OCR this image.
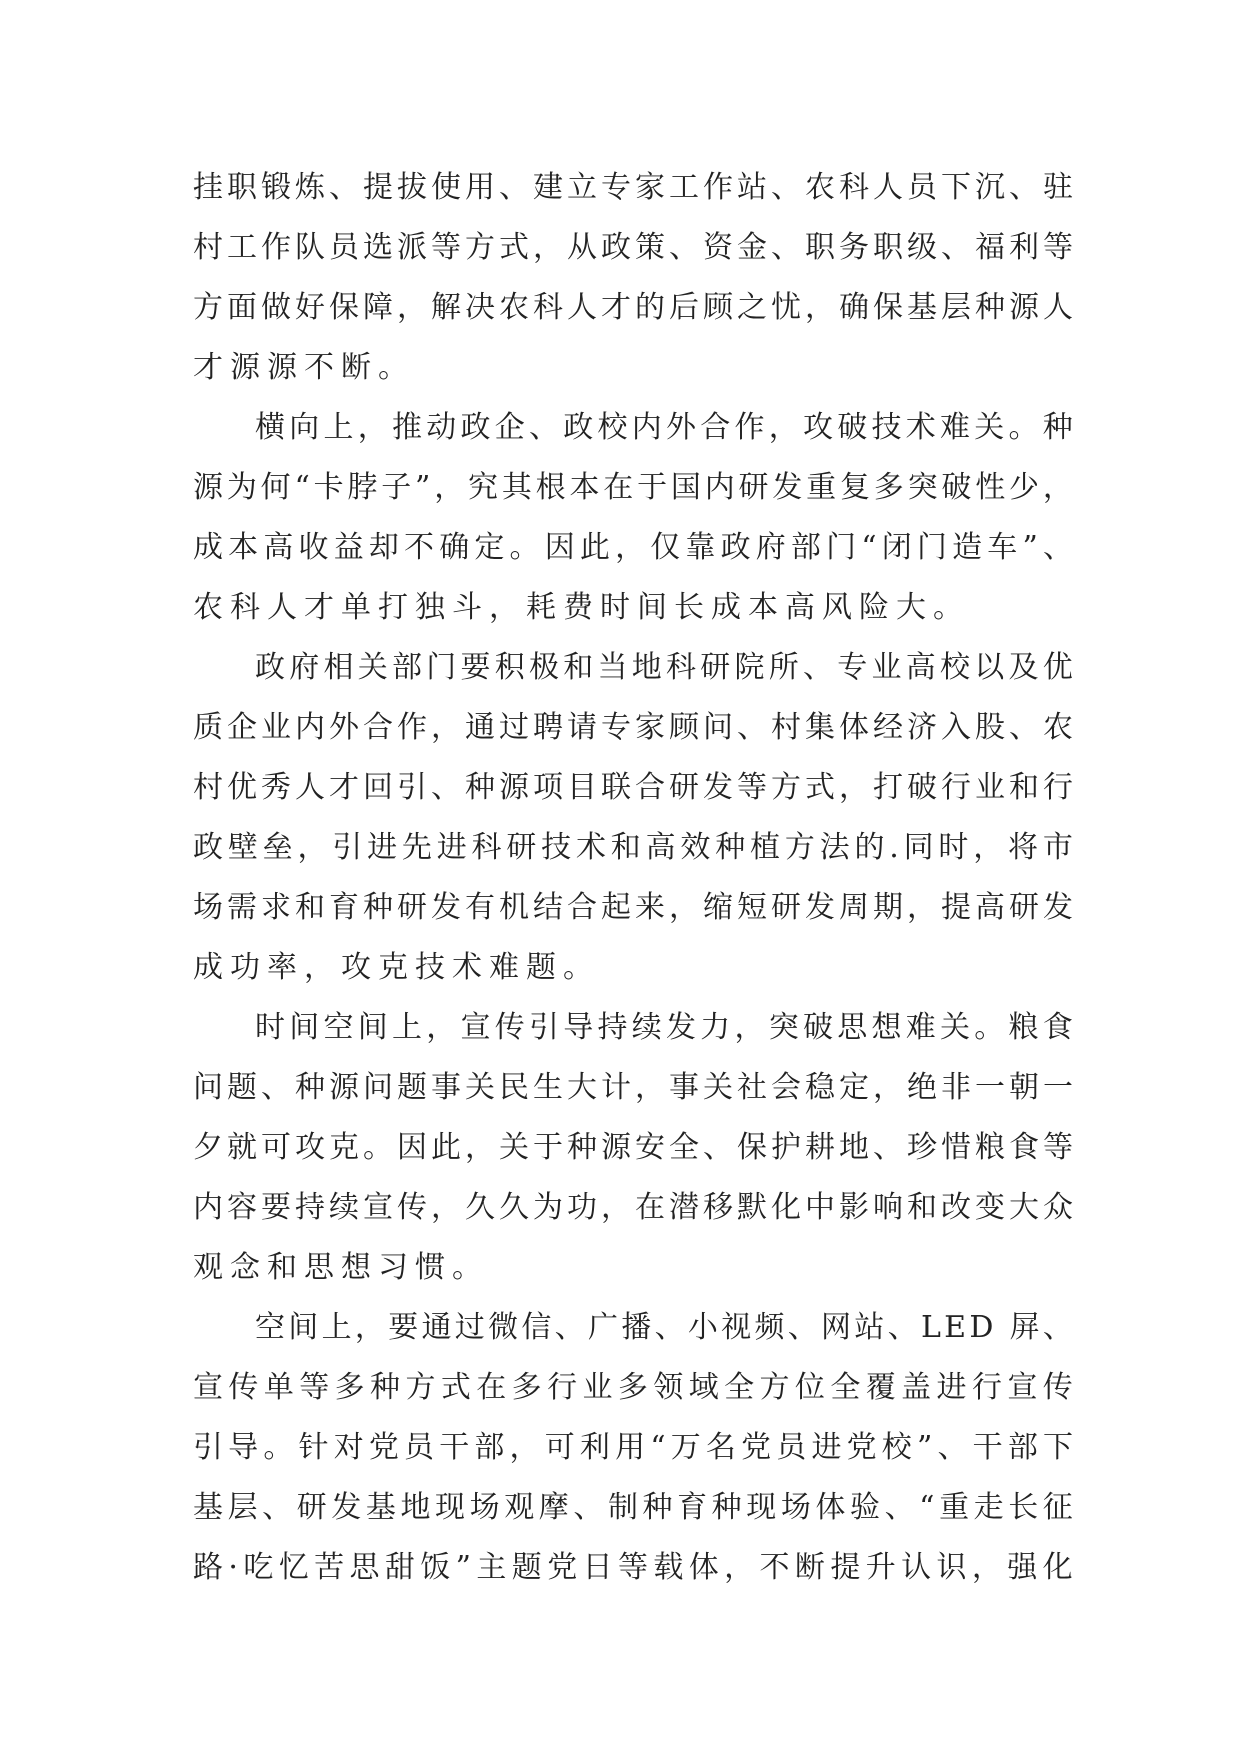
挂 职 锻 炼 、 提 拔 使 用 、 建 立 专 家 工 作 站 、 农 科 人 员 下 沉 、 驻
村 工 作 队 员 选 派 等 方 式 ， 从 政 策 、 资 金 、 职 务 职 级 、 福 利 等
方 面 做 好 保 障 ， 解 决 农 科 人 才 的 后 顾 之 忧 ， 确 保 基 层 种 源 人
才 源 源 不 断 。
横 向 上 ， 推 动 政 企 、 政 校 内 外 合 作 ， 攻 破 技 术 难 关 。 种
源 为 何 “ 卡 脖 子 ” ， 究 其 根 本 在 于 国 内 研 发 重 复 多 突 破 性 少 ，
成 本 高 收 益 却 不 确 定 。 因 此 ， 仅 靠 政 府 部 门 “ 闭 门 造 车 ” 、
农 科 人 才 单 打 独 斗 ， 耗 费 时 间 长 成 本 高 风 险 大 。
政 府 相 关 部 门 要 积 极 和 当 地 科 研 院 所 、 专 业 高 校 以 及 优
质 企 业 内 外 合 作 ， 通 过 聘 请 专 家 顾 问 、 村 集 体 经 济 入 股 、 农
村 优 秀 人 才 回 引 、 种 源 项 目 联 合 研 发 等 方 式 ， 打 破 行 业 和 行
政 壁 垒 ， 引 进 先 进 科 研 技 术 和 高 效 种 植 方 法 的 . 同 时 ， 将 市
场 需 求 和 育 种 研 发 有 机 结 合 起 来 ， 缩 短 研 发 周 期 ， 提 高 研 发
成 功 率 ， 攻 克 技 术 难 题 。
时 间 空 间 上 ， 宣 传 引 导 持 续 发 力 ， 突 破 思 想 难 关 。 粮 食
问 题 、 种 源 问 题 事 关 民 生 大 计 ， 事 关 社 会 稳 定 ， 绝 非 一 朝 一
夕 就 可 攻 克 。 因 此 ， 关 于 种 源 安 全 、 保 护 耕 地 、 珍 惜 粮 食 等
内 容 要 持 续 宣 传 ， 久 久 为 功 ， 在 潜 移 默 化 中 影 响 和 改 变 大 众
观 念 和 思 想 习 惯 。
空 间 上 ， 要 通 过 微 信 、 广 播 、 小 视 频 、 网 站 、 L E D
屏 、
宣 传 单 等 多 种 方 式 在 多 行 业 多 领 域 全 方 位 全 覆 盖 进 行 宣 传
引 导 。 针 对 党 员 干 部 ， 可 利 用 “ 万 名 党 员 进 党 校 ” 、 干 部 下
基 层 、 研 发 基 地 现 场 观 摩 、 制 种 育 种 现 场 体 验 、 “ 重 走 长 征
路 · 吃 忆 苦 思 甜 饭 ” 主 题 党 日 等 载 体 ， 不 断 提 升 认 识 ， 强 化
